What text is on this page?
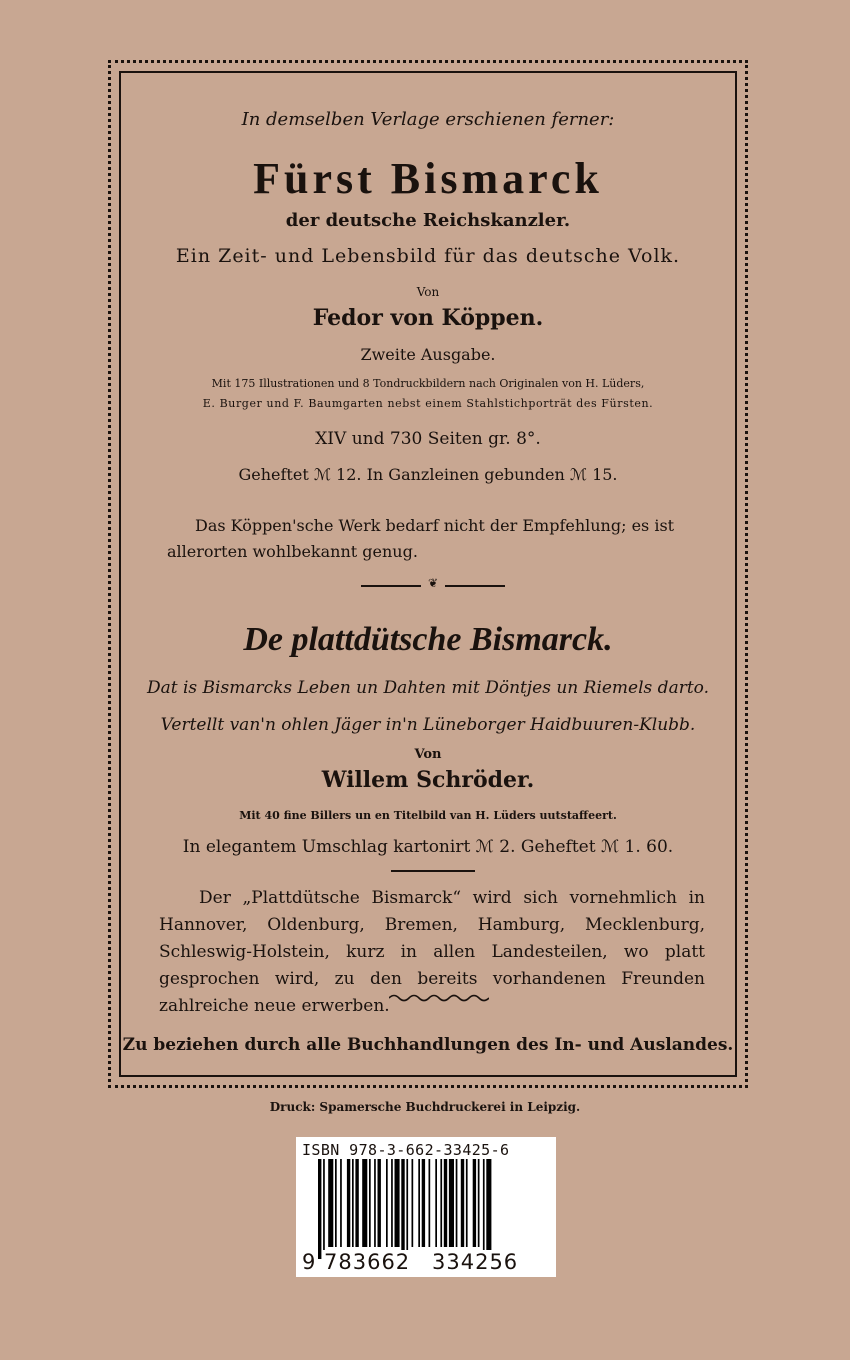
In demselben Verlage erschienen ferner:
Fürst Bismarck
der deutsche Reichskanzler.
Ein Zeit- und Lebensbild für das deutsche Volk.
Von
Fedor von Köppen.
Zweite Ausgabe.
Mit 175 Illustrationen und 8 Tondruckbildern nach Originalen von H. Lüders,
E. Burger und F. Baumgarten nebst einem Stahlstichporträt des Fürsten.
XIV und 730 Seiten gr. 8°.
Geheftet ℳ 12. In Ganzleinen gebunden ℳ 15.
Das Köppen'sche Werk bedarf nicht der Empfehlung; es ist allerorten wohlbekannt genug.
❦
De plattdütsche Bismarck.
Dat is Bismarcks Leben un Dahten mit Döntjes un Riemels darto.
Vertellt van'n ohlen Jäger in'n Lüneborger Haidbuuren-Klubb.
Von
Willem Schröder.
Mit 40 fine Billers un en Titelbild van H. Lüders uutstaffeert.
In elegantem Umschlag kartonirt ℳ 2. Geheftet ℳ 1. 60.
Der „Plattdütsche Bismarck“ wird sich vornehmlich in Hannover, Oldenburg, Bremen, Hamburg, Mecklenburg, Schleswig-Holstein, kurz in allen Landesteilen, wo platt gesprochen wird, zu den bereits vorhandenen Freunden zahlreiche neue erwerben.
Zu beziehen durch alle Buchhandlungen des In- und Auslandes.
Druck: Spamersche Buchdruckerei in Leipzig.
ISBN 978-3-662-33425-6
9 783662 334256
